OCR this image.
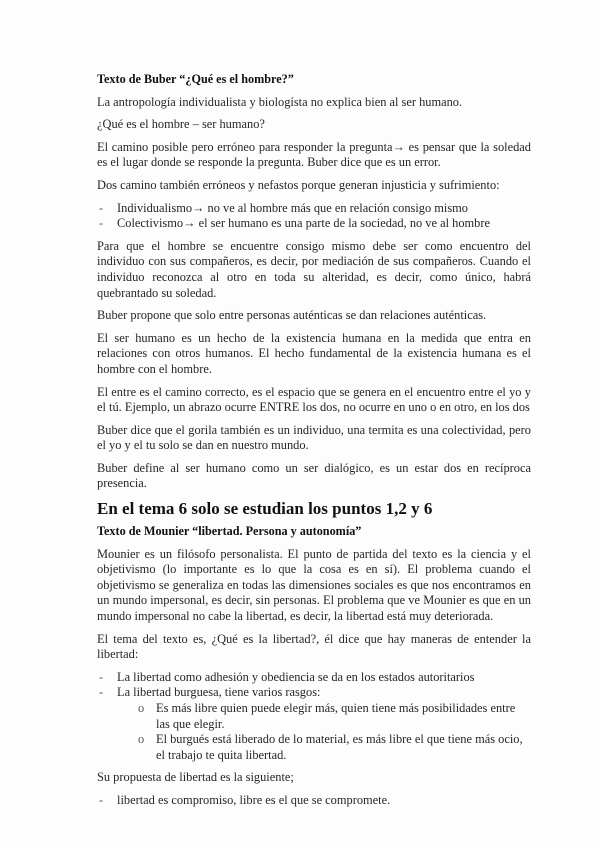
Texto de Buber “¿Qué es el hombre?”
La antropología individualista y biologísta no explica bien al ser humano.
¿Qué es el hombre – ser humano?
El camino posible pero erróneo para responder la pregunta→ es pensar que la soledad es el lugar donde se responde la pregunta. Buber dice que es un error.
Dos camino también erróneos y nefastos porque generan injusticia y sufrimiento:
- Individualismo→ no ve al hombre más que en relación consigo mismo
- Colectivismo→ el ser humano es una parte de la sociedad, no ve al hombre
Para que el hombre se encuentre consigo mismo debe ser como encuentro del individuo con sus compañeros, es decir, por mediación de sus compañeros. Cuando el individuo reconozca al otro en toda su alteridad, es decir, como único, habrá quebrantado su soledad.
Buber propone que solo entre personas auténticas se dan relaciones auténticas.
El ser humano es un hecho de la existencia humana en la medida que entra en relaciones con otros humanos. El hecho fundamental de la existencia humana es el hombre con el hombre.
El entre es el camino correcto, es el espacio que se genera en el encuentro entre el yo y el tú. Ejemplo, un abrazo ocurre ENTRE los dos, no ocurre en uno o en otro, en los dos
Buber dice que el gorila también es un individuo, una termita es una colectividad, pero el yo y el tu solo se dan en nuestro mundo.
Buber define al ser humano como un ser dialógico, es un estar dos en recíproca presencia.
En el tema 6 solo se estudian los puntos 1,2 y 6
Texto de Mounier “libertad. Persona y autonomía”
Mounier es un filósofo personalista. El punto de partida del texto es la ciencia y el objetivismo (lo importante es lo que la cosa es en sí). El problema cuando el objetivismo se generaliza en todas las dimensiones sociales es que nos encontramos en un mundo impersonal, es decir, sin personas. El problema que ve Mounier es que en un mundo impersonal no cabe la libertad, es decir, la libertad está muy deteriorada.
El tema del texto es, ¿Qué es la libertad?, él dice que hay maneras de entender la libertad:
- La libertad como adhesión y obediencia se da en los estados autoritarios
- La libertad burguesa, tiene varios rasgos:
o Es más libre quien puede elegir más, quien tiene más posibilidades entre las que elegir.
o El burgués está liberado de lo material, es más libre el que tiene más ocio, el trabajo te quita libertad.
Su propuesta de libertad es la siguiente;
- libertad es compromiso, libre es el que se compromete.
